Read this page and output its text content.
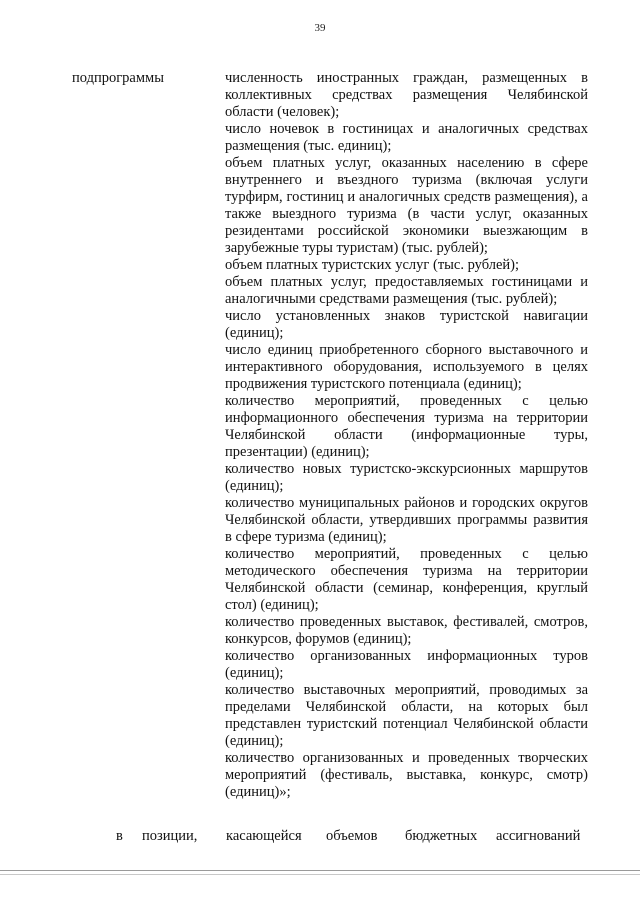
39
подпрограммы	численность иностранных граждан, размещенных в коллективных средствах размещения Челябинской области (человек);

число ночевок в гостиницах и аналогичных средствах размещения (тыс. единиц);

объем платных услуг, оказанных населению в сфере внутреннего и въездного туризма (включая услуги турфирм, гостиниц и аналогичных средств размещения), а также выездного туризма (в части услуг, оказанных резидентами российской экономики выезжающим в зарубежные туры туристам) (тыс. рублей);

объем платных туристских услуг (тыс. рублей);

объем платных услуг, предоставляемых гостиницами и аналогичными средствами размещения (тыс. рублей);

число установленных знаков туристской навигации (единиц);

число единиц приобретенного сборного выставочного и интерактивного оборудования, используемого в целях продвижения туристского потенциала (единиц);

количество мероприятий, проведенных с целью информационного обеспечения туризма на территории Челябинской области (информационные туры, презентации) (единиц);

количество новых туристско-экскурсионных маршрутов (единиц);

количество муниципальных районов и городских округов Челябинской области, утвердивших программы развития в сфере туризма (единиц);

количество мероприятий, проведенных с целью методического обеспечения туризма на территории Челябинской области (семинар, конференция, круглый стол) (единиц);

количество проведенных выставок, фестивалей, смотров, конкурсов, форумов (единиц);

количество организованных информационных туров (единиц);

количество выставочных мероприятий, проводимых за пределами Челябинской области, на которых был представлен туристский потенциал Челябинской области (единиц);

количество организованных и проведенных творческих мероприятий (фестиваль, выставка, конкурс, смотр) (единиц)»;

в позиции, касающейся объемов бюджетных ассигнований
